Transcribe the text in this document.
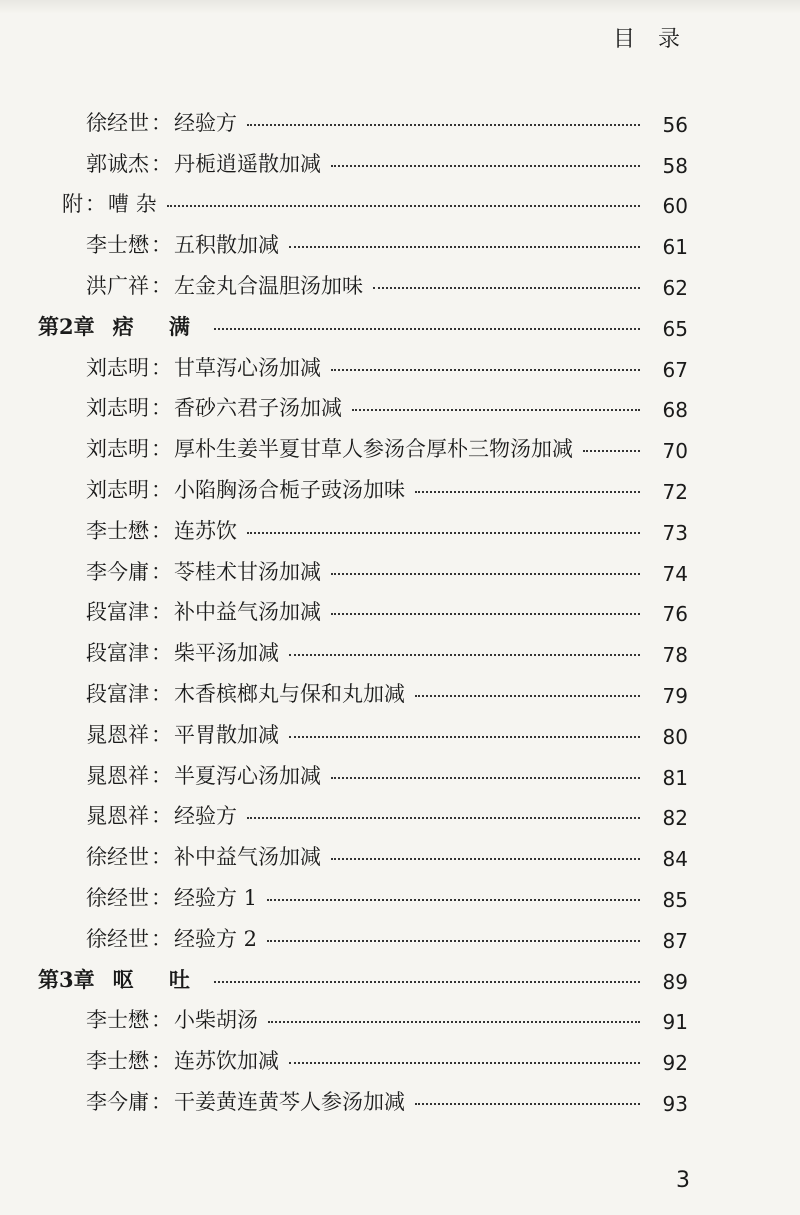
目 录
徐经世 ： 经验方	56
郭诚杰 ： 丹栀逍遥散加减	58
附 ： 嘈 杂	60
李士懋 ： 五积散加减	61
洪广祥 ： 左金丸合温胆汤加味	62
第2章 痞 满	65
刘志明 ： 甘草泻心汤加减	67
刘志明 ： 香砂六君子汤加减	68
刘志明 ： 厚朴生姜半夏甘草人参汤合厚朴三物汤加减	70
刘志明 ： 小陷胸汤合栀子豉汤加味	72
李士懋 ： 连苏饮	73
李今庸 ： 苓桂术甘汤加减	74
段富津 ： 补中益气汤加减	76
段富津 ： 柴平汤加减	78
段富津 ： 木香槟榔丸与保和丸加减	79
晁恩祥 ： 平胃散加减	80
晁恩祥 ： 半夏泻心汤加减	81
晁恩祥 ： 经验方	82
徐经世 ： 补中益气汤加减	84
徐经世 ： 经验方 1	85
徐经世 ： 经验方 2	87
第3章 呕 吐	89
李士懋 ： 小柴胡汤	91
李士懋 ： 连苏饮加减	92
李今庸 ： 干姜黄连黄芩人参汤加减	93
3
